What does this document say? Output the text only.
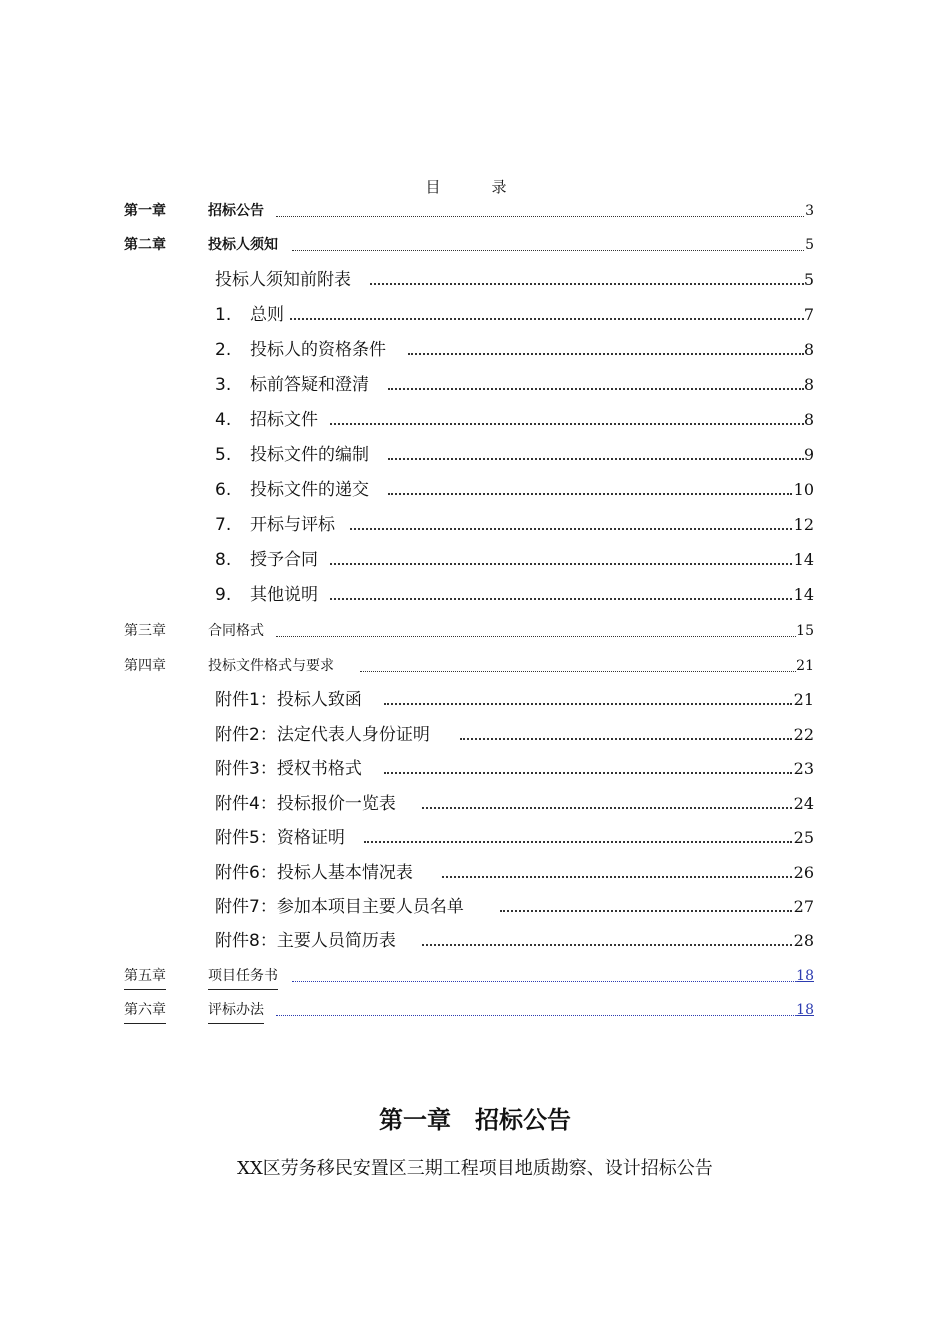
目　录
第一章	招标公告	3
第二章	投标人须知	5
投标人须知前附表	5
1. 总则	7
2. 投标人的资格条件	8
3. 标前答疑和澄清	8
4. 招标文件	8
5. 投标文件的编制	9
6. 投标文件的递交	10
7. 开标与评标	12
8. 授予合同	14
9. 其他说明	14
第三章	合同格式	15
第四章	投标文件格式与要求	21
附件1：投标人致函	21
附件2：法定代表人身份证明	22
附件3：授权书格式	23
附件4：投标报价一览表	24
附件5：资格证明	25
附件6：投标人基本情况表	26
附件7：参加本项目主要人员名单	27
附件8：主要人员简历表	28
第五章	项目任务书	18
第六章	评标办法	18
第一章　招标公告
XX区劳务移民安置区三期工程项目地质勘察、设计招标公告
